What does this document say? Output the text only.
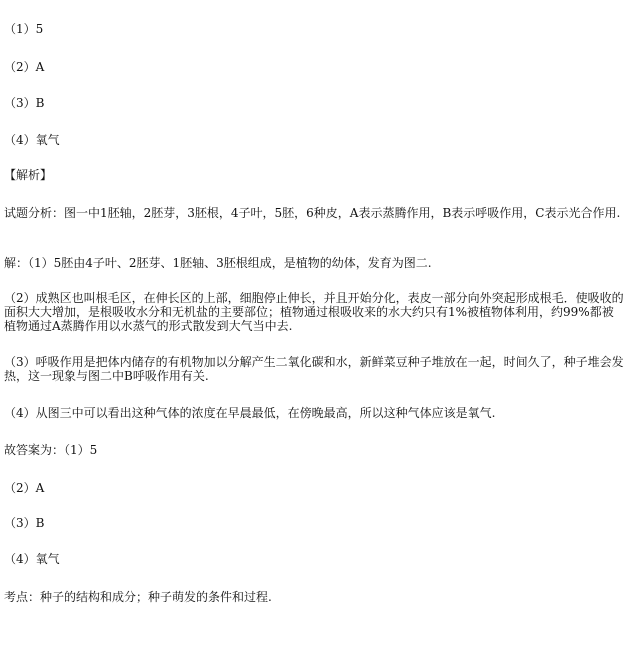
（1）5
（2）A
（3）B
（4）氧气
【解析】
试题分析：图一中1胚轴，2胚芽，3胚根，4子叶，5胚，6种皮，A表示蒸腾作用，B表示呼吸作用，C表示光合作用.
解：（1）5胚由4子叶、2胚芽、1胚轴、3胚根组成，是植物的幼体，发育为图二.
（2）成熟区也叫根毛区，在伸长区的上部，细胞停止伸长，并且开始分化，表皮一部分向外突起形成根毛．使吸收的面积大大增加，是根吸收水分和无机盐的主要部位；植物通过根吸收来的水大约只有1%被植物体利用，约99%都被植物通过A蒸腾作用以水蒸气的形式散发到大气当中去.
（3）呼吸作用是把体内储存的有机物加以分解产生二氧化碳和水，新鲜菜豆种子堆放在一起，时间久了，种子堆会发热，这一现象与图二中B呼吸作用有关.
（4）从图三中可以看出这种气体的浓度在早晨最低，在傍晚最高，所以这种气体应该是氧气.
故答案为：（1）5
（2）A
（3）B
（4）氧气
考点：种子的结构和成分；种子萌发的条件和过程.
